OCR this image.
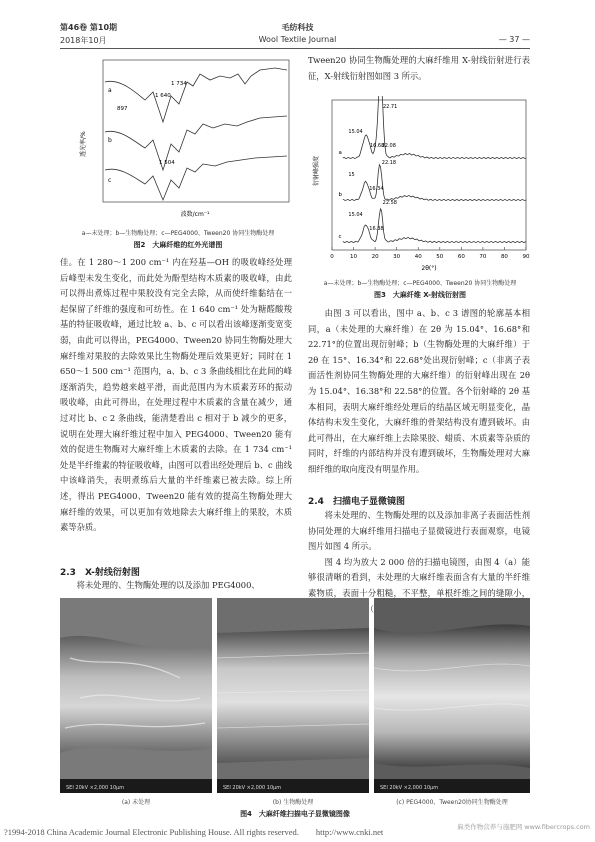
第46卷 第10期
2018年10月
毛纺科技
Wool Textile Journal	— 37 —
透光率/%
a
b
c
897
1 640
1 734
1 504
波数/cm⁻¹
a—未处理；b—生物酶处理；c—PEG4000、Tween20 协同生物酶处理
图2　大麻纤维的红外光谱图

Tween20 协同生物酶处理的大麻纤维用 X-射线衍射进行表征，X-射线衍射图如图 3 所示。

衍射峰强度
0	10	20	30	40	50	60	70	80	90
a
15.04
16.68
22.08
22.71
b
15
16.34
22.18
c
15.04
16.38
22.58
2θ(°)
a—未处理；b—生物酶处理；c—PEG4000、Tween20 协同生物酶处理
图3　大麻纤维 X-射线衍射图

佳。在 1 280～1 200 cm⁻¹ 内在羟基—OH 的吸收峰经处理后峰型未发生变化，而此处为酚型结构木质素的吸收峰，由此可以得出煮炼过程中果胶没有完全去除，从而使纤维黏结在一起保留了纤维的强度和可纺性。在 1 640 cm⁻¹ 处为糖醛酸羧基的特征吸收峰，通过比较 a、b、c 可以看出该峰逐渐变宽变弱，由此可以得出，PEG4000、Tween20 协同生物酶处理大麻纤维对果胶的去除效果比生物酶处理后效果更好；同时在 1 650～1 500 cm⁻¹ 范围内，a、b、c 3 条曲线相比在此间的峰逐渐消失，趋势越来越平滑，而此范围内为木质素芳环的振动吸收峰，由此可得出，在处理过程中木质素的含量在减少，通过对比 b、c 2 条曲线，能清楚看出 c 相对于 b 减少的更多，说明在处理大麻纤维过程中加入 PEG4000、Tween20 能有效的促进生物酶对大麻纤维上木质素的去除。在 1 734 cm⁻¹ 处是半纤维素的特征吸收峰，由图可以看出经处理后 b、c 曲线中该峰消失，表明煮练后大量的半纤维素已被去除。综上所述，得出 PEG4000、Tween20 能有效的提高生物酶处理大麻纤维的效果，可以更加有效地除去大麻纤维上的果胶，木质素等杂质。

2.3　X-射线衍射图

将未处理的、生物酶处理的以及添加 PEG4000、

由图 3 可以看出，图中 a、b、c 3 谱图的轮廓基本相同，a（未处理的大麻纤维）在 2θ 为 15.04°、16.68°和 22.71°的位置出现衍射峰；b（生物酶处理的大麻纤维）于 2θ 在 15°、16.34°和 22.68°处出现衍射峰；c（非离子表面活性剂协同生物酶处理的大麻纤维）的衍射峰出现在 2θ 为 15.04°、16.38°和 22.58°的位置。各个衍射峰的 2θ 基本相同，表明大麻纤维经处理后的结晶区域无明显变化，晶体结构未发生变化，大麻纤维的骨架结构没有遭到破坏。由此可得出，在大麻纤维上去除果胶、蜡质、木质素等杂质的同时，纤维的内部结构并没有遭到破坏，生物酶处理对大麻细纤维的取向度没有明显作用。

2.4　扫描电子显微镜图

将未处理的、生物酶处理的以及添加非离子表面活性剂协同处理的大麻纤维用扫描电子显微镜进行表面观察，电镜图片如图 4 所示。

图 4 均为放大 2 000 倍的扫描电镜图，由图 4（a）能够很清晰的看到，未处理的大麻纤维表面含有大量的半纤维素物质，表面十分粗糙，不平整，单根纤维之间的缝隙小，

SEI 20kV ×2,000 10μm	SEI 20kV ×2,000 10μm	SEI 20kV ×2,000 10μm
(a) 未处理	(b) 生物酶处理	(c) PEG4000、Tween20协同生物酶处理
图4　大麻纤维扫描电子显微镜图像
?1994-2018 China Academic Journal Electronic Publishing House. All rights reserved.　　http://www.cnki.net	麻类作物营养与施肥网 www.fibercrops.com
